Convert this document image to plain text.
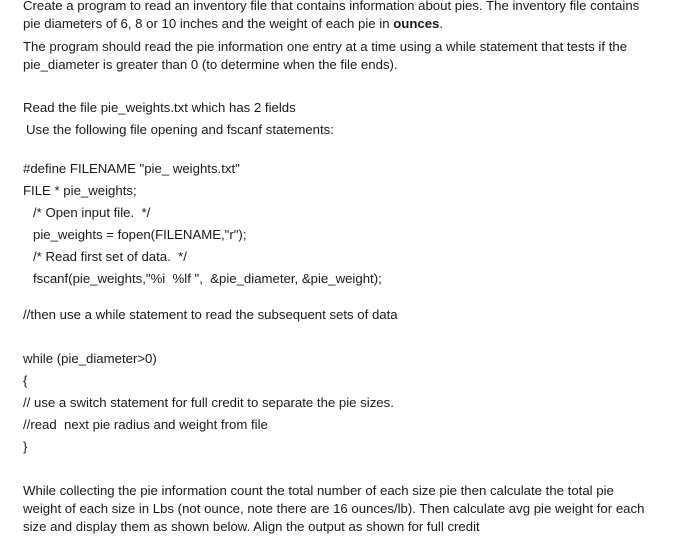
Create a program to read an inventory file that contains information about pies. The inventory file contains pie diameters of 6, 8 or 10 inches and the weight of each pie in ounces.

The program should read the pie information one entry at a time using a while statement that tests if the pie_diameter is greater than 0 (to determine when the file ends).

Read the file pie_weights.txt which has 2 fields
Use the following file opening and fscanf statements:
#define FILENAME "pie_ weights.txt"
FILE * pie_weights;
/* Open input file.  */
pie_weights = fopen(FILENAME,"r");
/* Read first set of data.  */
fscanf(pie_weights,"%i  %lf ",  &pie_diameter, &pie_weight);
//then use a while statement to read the subsequent sets of data
while (pie_diameter>0)
{
// use a switch statement for full credit to separate the pie sizes.
//read  next pie radius and weight from file
}

While collecting the pie information count the total number of each size pie then calculate the total pie weight of each size in Lbs (not ounce, note there are 16 ounces/lb). Then calculate avg pie weight for each size and display them as shown below. Align the output as shown for full credit
